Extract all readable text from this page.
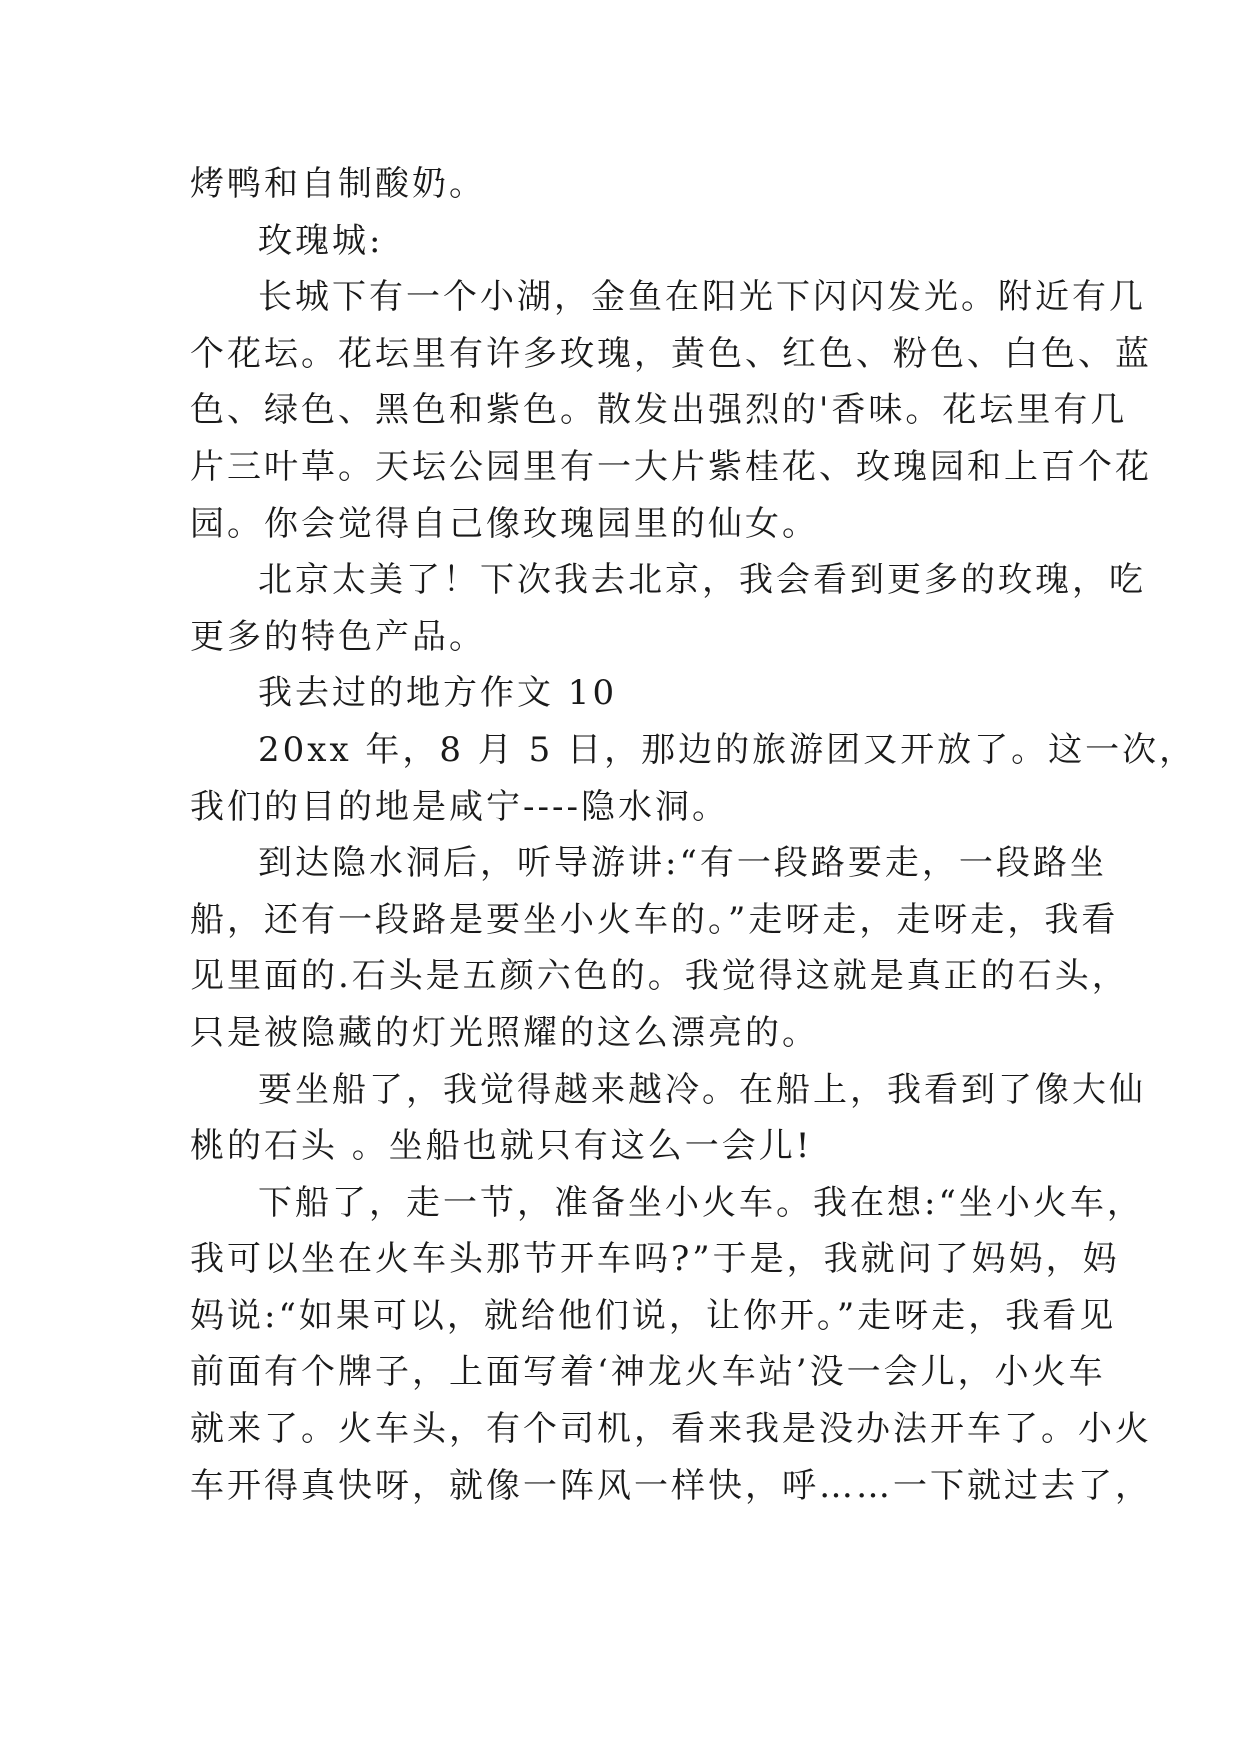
烤鸭和自制酸奶。
玫瑰城:
长城下有一个小湖，金鱼在阳光下闪闪发光。附近有几
个花坛。花坛里有许多玫瑰，黄色、红色、粉色、白色、蓝
色、绿色、黑色和紫色。散发出强烈的'香味。花坛里有几
片三叶草。天坛公园里有一大片紫桂花、玫瑰园和上百个花
园。你会觉得自己像玫瑰园里的仙女。
北京太美了！下次我去北京，我会看到更多的玫瑰，吃
更多的特色产品。
我去过的地方作文 10
20xx 年，8 月 5 日，那边的旅游团又开放了。这一次，
我们的目的地是咸宁----隐水洞。
到达隐水洞后，听导游讲:“有一段路要走，一段路坐
船，还有一段路是要坐小火车的。”走呀走，走呀走，我看
见里面的.石头是五颜六色的。我觉得这就是真正的石头，
只是被隐藏的灯光照耀的这么漂亮的。
要坐船了，我觉得越来越冷。在船上，我看到了像大仙
桃的石头 。坐船也就只有这么一会儿!
下船了，走一节，准备坐小火车。我在想:“坐小火车，
我可以坐在火车头那节开车吗?”于是，我就问了妈妈，妈
妈说:“如果可以，就给他们说，让你开。”走呀走，我看见
前面有个牌子，上面写着‘神龙火车站’没一会儿，小火车
就来了。火车头，有个司机，看来我是没办法开车了。小火
车开得真快呀，就像一阵风一样快，呼……一下就过去了，
